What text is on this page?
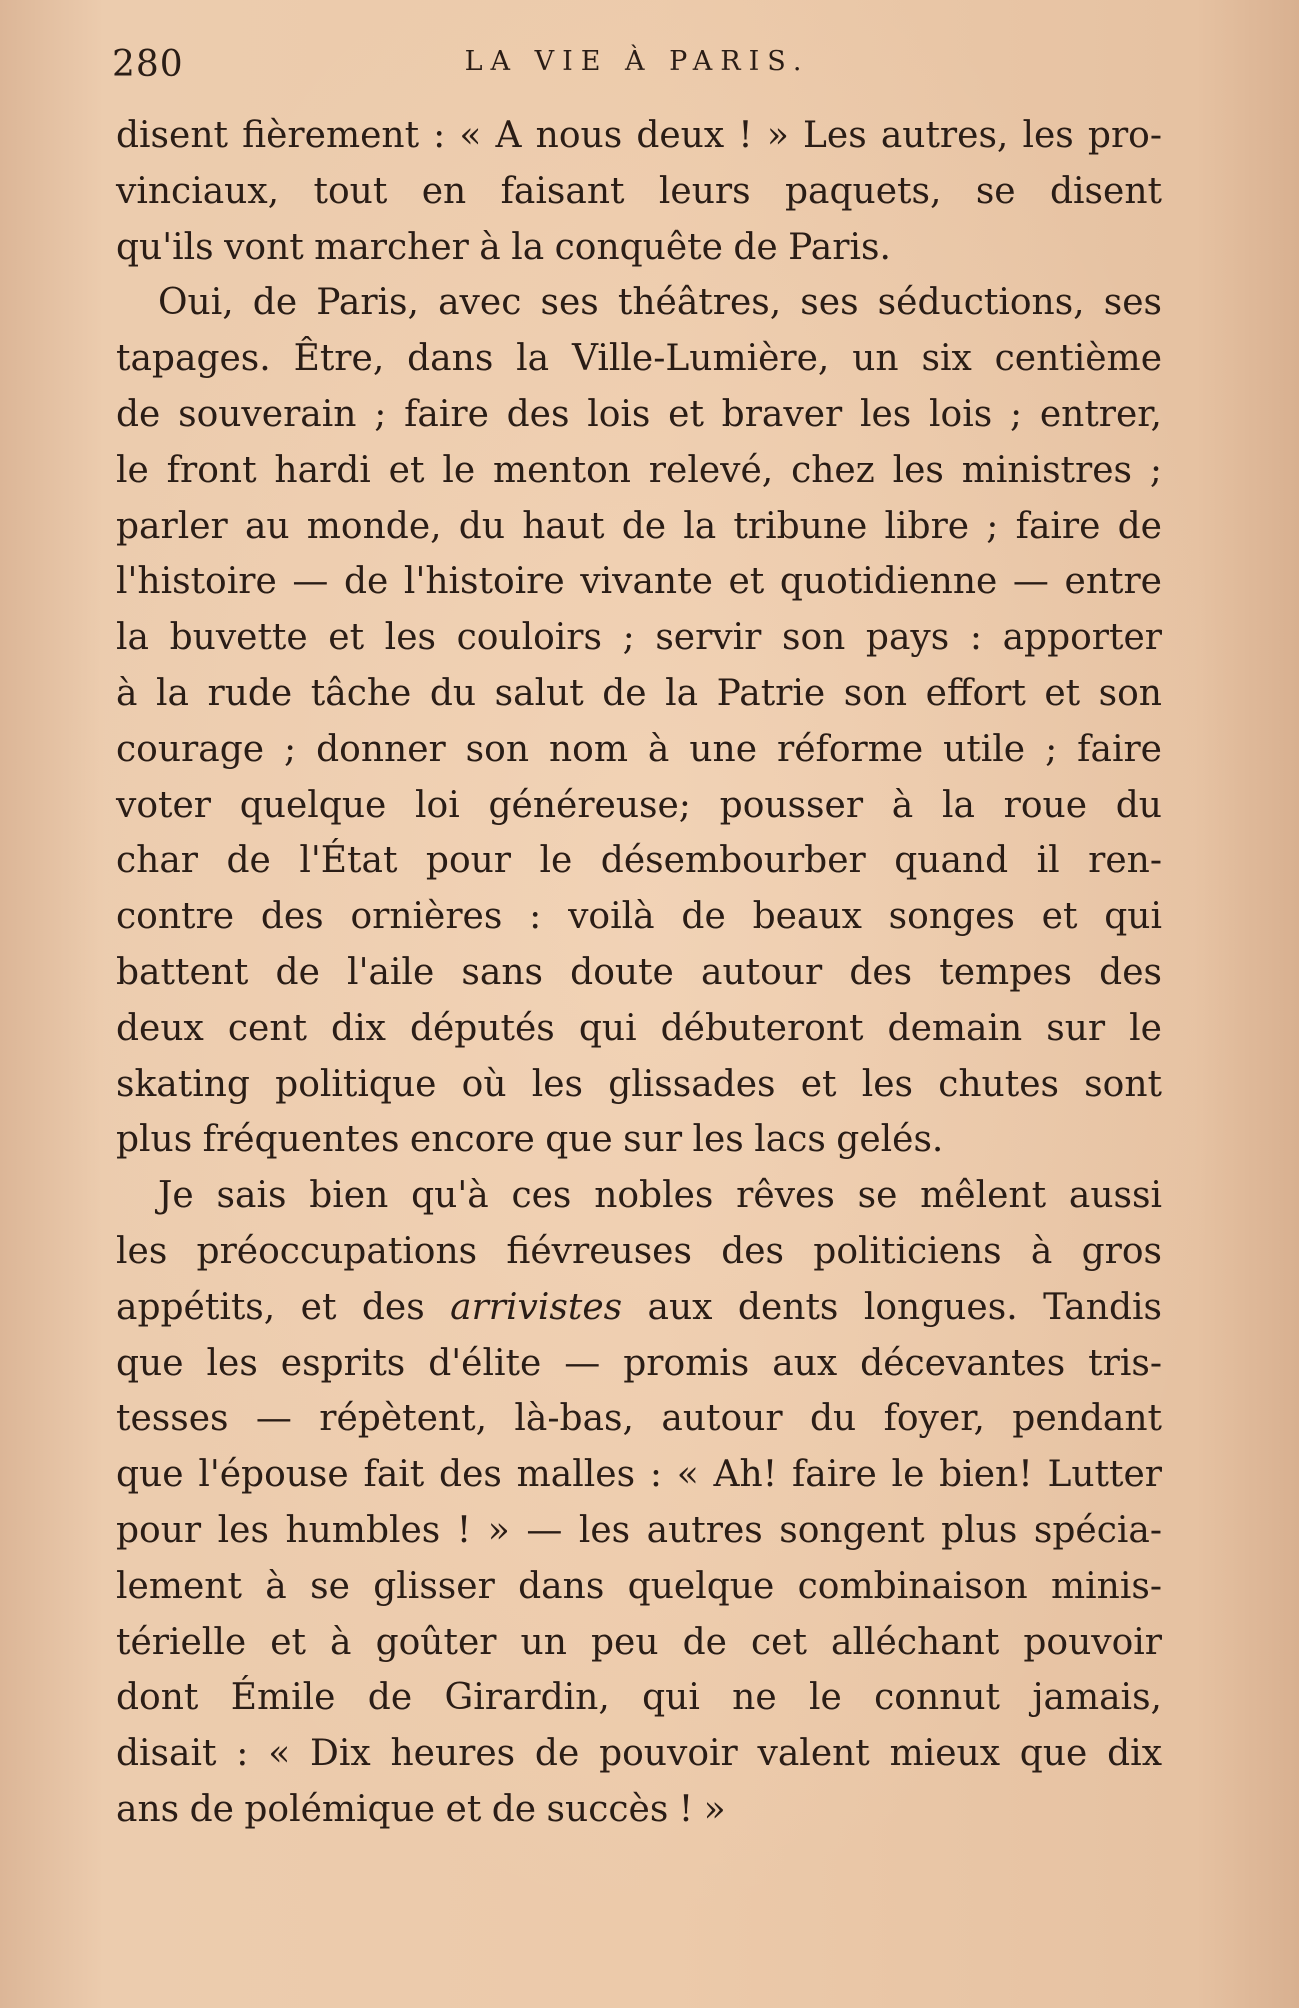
280	LA VIE À PARIS.
disent fièrement : « A nous deux ! » Les autres, les pro-
vinciaux, tout en faisant leurs paquets, se disent
qu'ils vont marcher à la conquête de Paris.
Oui, de Paris, avec ses théâtres, ses séductions, ses
tapages. Être, dans la Ville-Lumière, un six centième
de souverain ; faire des lois et braver les lois ; entrer,
le front hardi et le menton relevé, chez les ministres ;
parler au monde, du haut de la tribune libre ; faire de
l'histoire — de l'histoire vivante et quotidienne — entre
la buvette et les couloirs ; servir son pays : apporter
à la rude tâche du salut de la Patrie son effort et son
courage ; donner son nom à une réforme utile ; faire
voter quelque loi généreuse; pousser à la roue du
char de l'État pour le désembourber quand il ren-
contre des ornières : voilà de beaux songes et qui
battent de l'aile sans doute autour des tempes des
deux cent dix députés qui débuteront demain sur le
skating politique où les glissades et les chutes sont
plus fréquentes encore que sur les lacs gelés.
Je sais bien qu'à ces nobles rêves se mêlent aussi
les préoccupations fiévreuses des politiciens à gros
appétits, et des arrivistes aux dents longues. Tandis
que les esprits d'élite — promis aux décevantes tris-
tesses — répètent, là-bas, autour du foyer, pendant
que l'épouse fait des malles : « Ah! faire le bien! Lutter
pour les humbles ! » — les autres songent plus spécia-
lement à se glisser dans quelque combinaison minis-
térielle et à goûter un peu de cet alléchant pouvoir
dont Émile de Girardin, qui ne le connut jamais,
disait : « Dix heures de pouvoir valent mieux que dix
ans de polémique et de succès ! »
